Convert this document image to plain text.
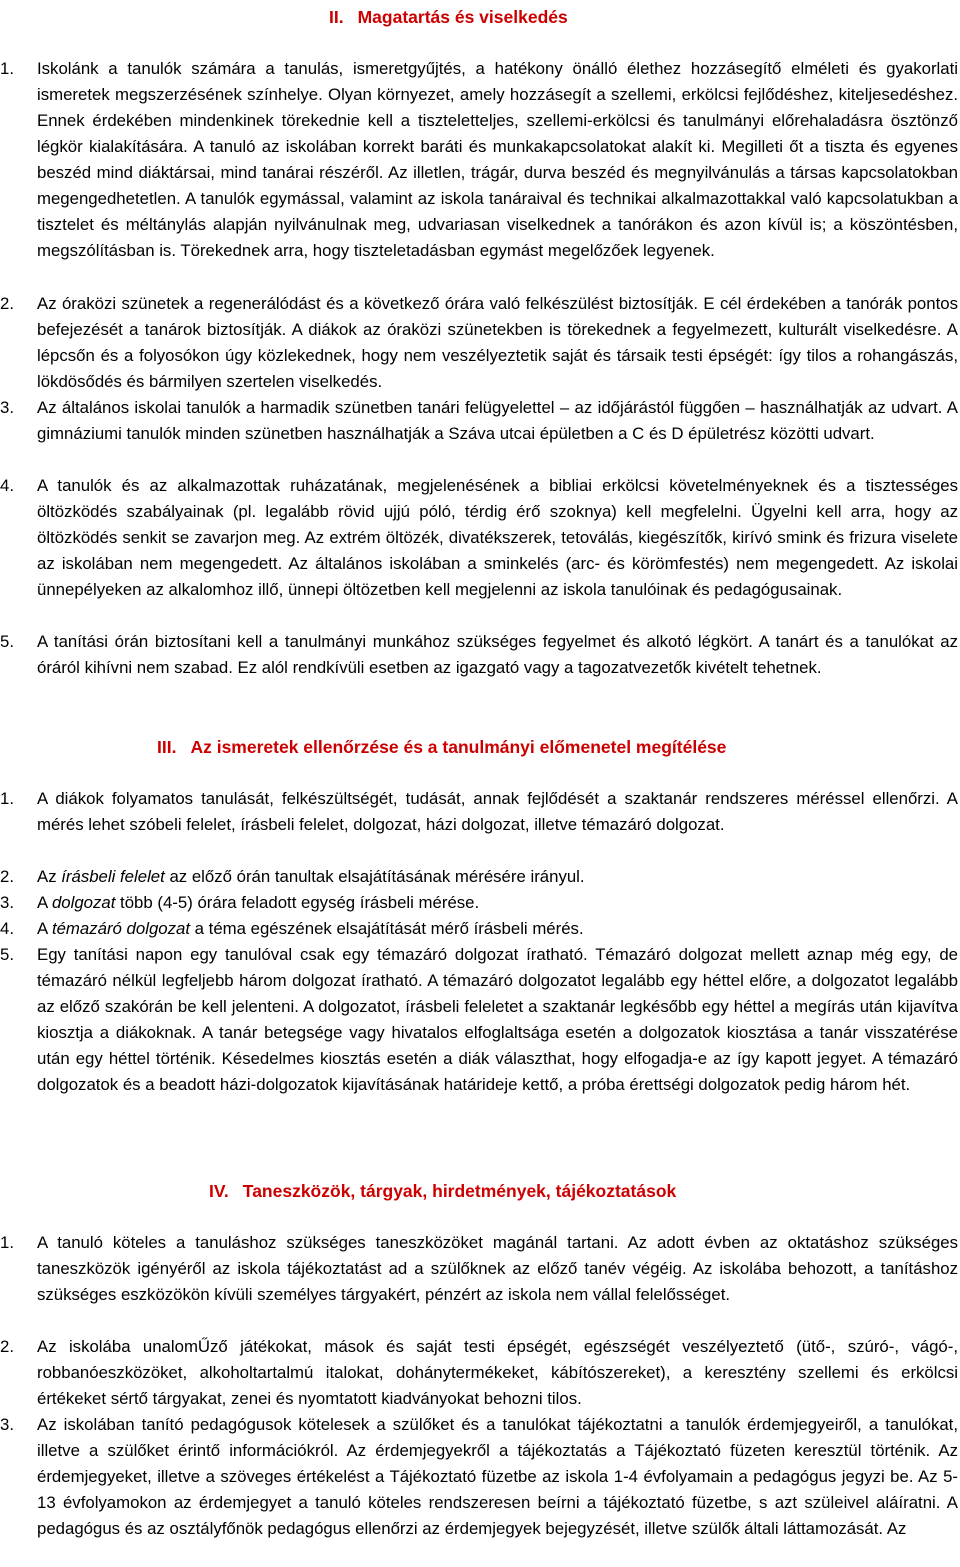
II. Magatartás és viselkedés
1. Iskolánk a tanulók számára a tanulás, ismeretgyűjtés, a hatékony önálló élethez hozzásegítő elméleti és gyakorlati ismeretek megszerzésének színhelye. Olyan környezet, amely hozzásegít a szellemi, erkölcsi fejlődéshez, kiteljesedéshez. Ennek érdekében mindenkinek törekednie kell a tiszteletteljes, szellemi-erkölcsi és tanulmányi előrehaladásra ösztönző légkör kialakítására. A tanuló az iskolában korrekt baráti és munkakapcsolatokat alakít ki. Megilleti őt a tiszta és egyenes beszéd mind diáktársai, mind tanárai részéről. Az illetlen, trágár, durva beszéd és megnyilvánulás a társas kapcsolatokban megengedhetetlen. A tanulók egymással, valamint az iskola tanáraival és technikai alkalmazottakkal való kapcsolatukban a tisztelet és méltánylás alapján nyilvánulnak meg, udvariasan viselkednek a tanórákon és azon kívül is; a köszöntésben, megszólításban is. Törekednek arra, hogy tiszteletadásban egymást megelőzőek legyenek.
2. Az óraközi szünetek a regenerálódást és a következő órára való felkészülést biztosítják. E cél érdekében a tanórák pontos befejezését a tanárok biztosítják. A diákok az óraközi szünetekben is törekednek a fegyelmezett, kulturált viselkedésre. A lépcsőn és a folyosókon úgy közlekednek, hogy nem veszélyeztetik saját és társaik testi épségét: így tilos a rohangászás, lökdösődés és bármilyen szertelen viselkedés.
3. Az általános iskolai tanulók a harmadik szünetben tanári felügyelettel – az időjárástól függően – használhatják az udvart. A gimnáziumi tanulók minden szünetben használhatják a Száva utcai épületben a C és D épületrész közötti udvart.
4. A tanulók és az alkalmazottak ruházatának, megjelenésének a bibliai erkölcsi követelményeknek és a tisztességes öltözködés szabályainak (pl. legalább rövid ujjú póló, térdig érő szoknya) kell megfelelni. Ügyelni kell arra, hogy az öltözködés senkit se zavarjon meg. Az extrém öltözék, divatékszerek, tetoválás, kiegészítők, kirívó smink és frizura viselete az iskolában nem megengedett. Az általános iskolában a sminkelés (arc- és körömfestés) nem megengedett. Az iskolai ünnepélyeken az alkalomhoz illő, ünnepi öltözetben kell megjelenni az iskola tanulóinak és pedagógusainak.
5. A tanítási órán biztosítani kell a tanulmányi munkához szükséges fegyelmet és alkotó légkört. A tanárt és a tanulókat az óráról kihívni nem szabad. Ez alól rendkívüli esetben az igazgató vagy a tagozatvezetők kivételt tehetnek.
III. Az ismeretek ellenőrzése és a tanulmányi előmenetel megítélése
1. A diákok folyamatos tanulását, felkészültségét, tudását, annak fejlődését a szaktanár rendszeres méréssel ellenőrzi. A mérés lehet szóbeli felelet, írásbeli felelet, dolgozat, házi dolgozat, illetve témazáró dolgozat.
2. Az írásbeli felelet az előző órán tanultak elsajátításának mérésére irányul.
3. A dolgozat több (4-5) órára feladott egység írásbeli mérése.
4. A témazáró dolgozat a téma egészének elsajátítását mérő írásbeli mérés.
5. Egy tanítási napon egy tanulóval csak egy témazáró dolgozat íratható. Témazáró dolgozat mellett aznap még egy, de témazáró nélkül legfeljebb három dolgozat íratható. A témazáró dolgozatot legalább egy héttel előre, a dolgozatot legalább az előző szakórán be kell jelenteni. A dolgozatot, írásbeli feleletet a szaktanár legkésőbb egy héttel a megírás után kijavítva kiosztja a diákoknak. A tanár betegsége vagy hivatalos elfoglaltsága esetén a dolgozatok kiosztása a tanár visszatérése után egy héttel történik. Késedelmes kiosztás esetén a diák választhat, hogy elfogadja-e az így kapott jegyet. A témazáró dolgozatok és a beadott házi-dolgozatok kijavításának határideje kettő, a próba érettségi dolgozatok pedig három hét.
IV. Taneszközök, tárgyak, hirdetmények, tájékoztatások
1. A tanuló köteles a tanuláshoz szükséges taneszközöket magánál tartani. Az adott évben az oktatáshoz szükséges taneszközök igényéről az iskola tájékoztatást ad a szülőknek az előző tanév végéig. Az iskolába behozott, a tanításhoz szükséges eszközökön kívüli személyes tárgyakért, pénzért az iskola nem vállal felelősséget.
2. Az iskolába unalomŰző játékokat, mások és saját testi épségét, egészségét veszélyeztető (ütő-, szúró-, vágó-, robbanóeszközöket, alkoholtartalmú italokat, dohánytermékeket, kábítószereket), a keresztény szellemi és erkölcsi értékeket sértő tárgyakat, zenei és nyomtatott kiadványokat behozni tilos.
3. Az iskolában tanító pedagógusok kötelesek a szülőket és a tanulókat tájékoztatni a tanulók érdemjegyeiről, a tanulókat, illetve a szülőket érintő információkról. Az érdemjegyekről a tájékoztatás a Tájékoztató füzeten keresztül történik. Az érdemjegyeket, illetve a szöveges értékelést a Tájékoztató füzetbe az iskola 1-4 évfolyamain a pedagógus jegyzi be. Az 5-13 évfolyamokon az érdemjegyet a tanuló köteles rendszeresen beírni a tájékoztató füzetbe, s azt szüleivel aláíratni. A pedagógus és az osztályfőnök pedagógus ellenőrzi az érdemjegyek bejegyzését, illetve szülők általi láttamozását. Az
